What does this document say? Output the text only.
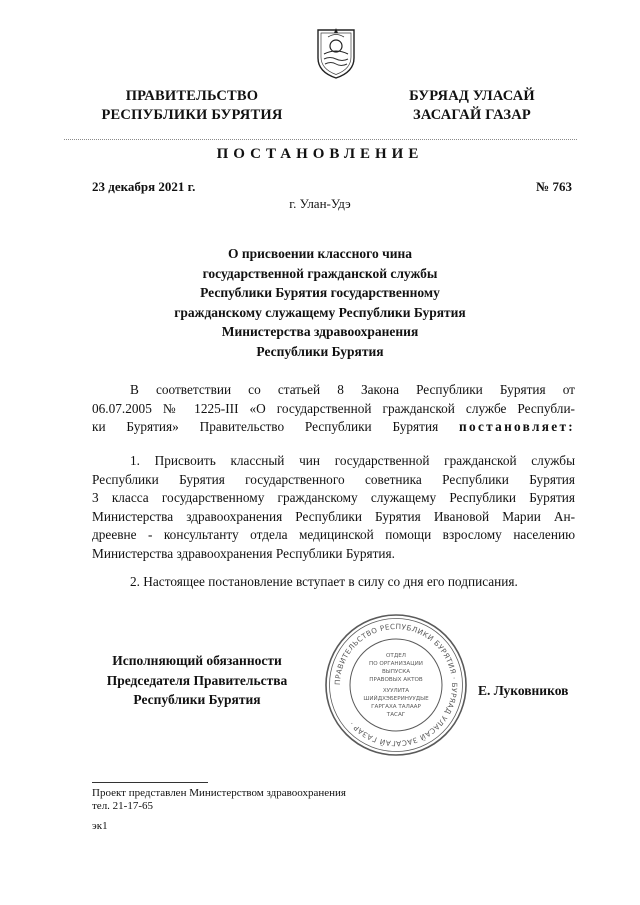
ПРАВИТЕЛЬСТВО
РЕСПУБЛИКИ БУРЯТИЯ
БУРЯАД УЛАСАЙ
ЗАСАГАЙ ГАЗАР
ПОСТАНОВЛЕНИЕ
23 декабря 2021 г.	№ 763
г. Улан-Удэ
О присвоении классного чина
государственной гражданской службы
Республики Бурятия государственному
гражданскому служащему Республики Бурятия
Министерства здравоохранения
Республики Бурятия
В соответствии со статьей 8 Закона Республики Бурятия от
06.07.2005 № 1225-III «О государственной гражданской службе Республи-
ки Бурятия» Правительство Республики Бурятия постановляет:
1. Присвоить классный чин государственной гражданской службы
Республики Бурятия государственного советника Республики Бурятия
3 класса государственному гражданскому служащему Республики Бурятия
Министерства здравоохранения Республики Бурятия Ивановой Марии Ан-
дреевне - консультанту отдела медицинской помощи взрослому населению
Министерства здравоохранения Республики Бурятия.
2. Настоящее постановление вступает в силу со дня его подписания.
Исполняющий обязанности
Председателя Правительства
Республики Бурятия
ПРАВИТЕЛЬСТВО РЕСПУБЛИКИ БУРЯТИЯ · БУРЯАД УЛАСАЙ ЗАСАГАЙ ГАЗАР ·
ОТДЕЛ
ПО ОРГАНИЗАЦИИ
ВЫПУСКА
ПРАВОВЫХ АКТОВ
ХУУЛИТА
ШИЙДХЭБЕРИНУУДЫЕ
ГАРГАХА ТАЛААР
ТАСАГ
Е. Луковников
Проект представлен Министерством здравоохранения
тел. 21-17-65
эк1
